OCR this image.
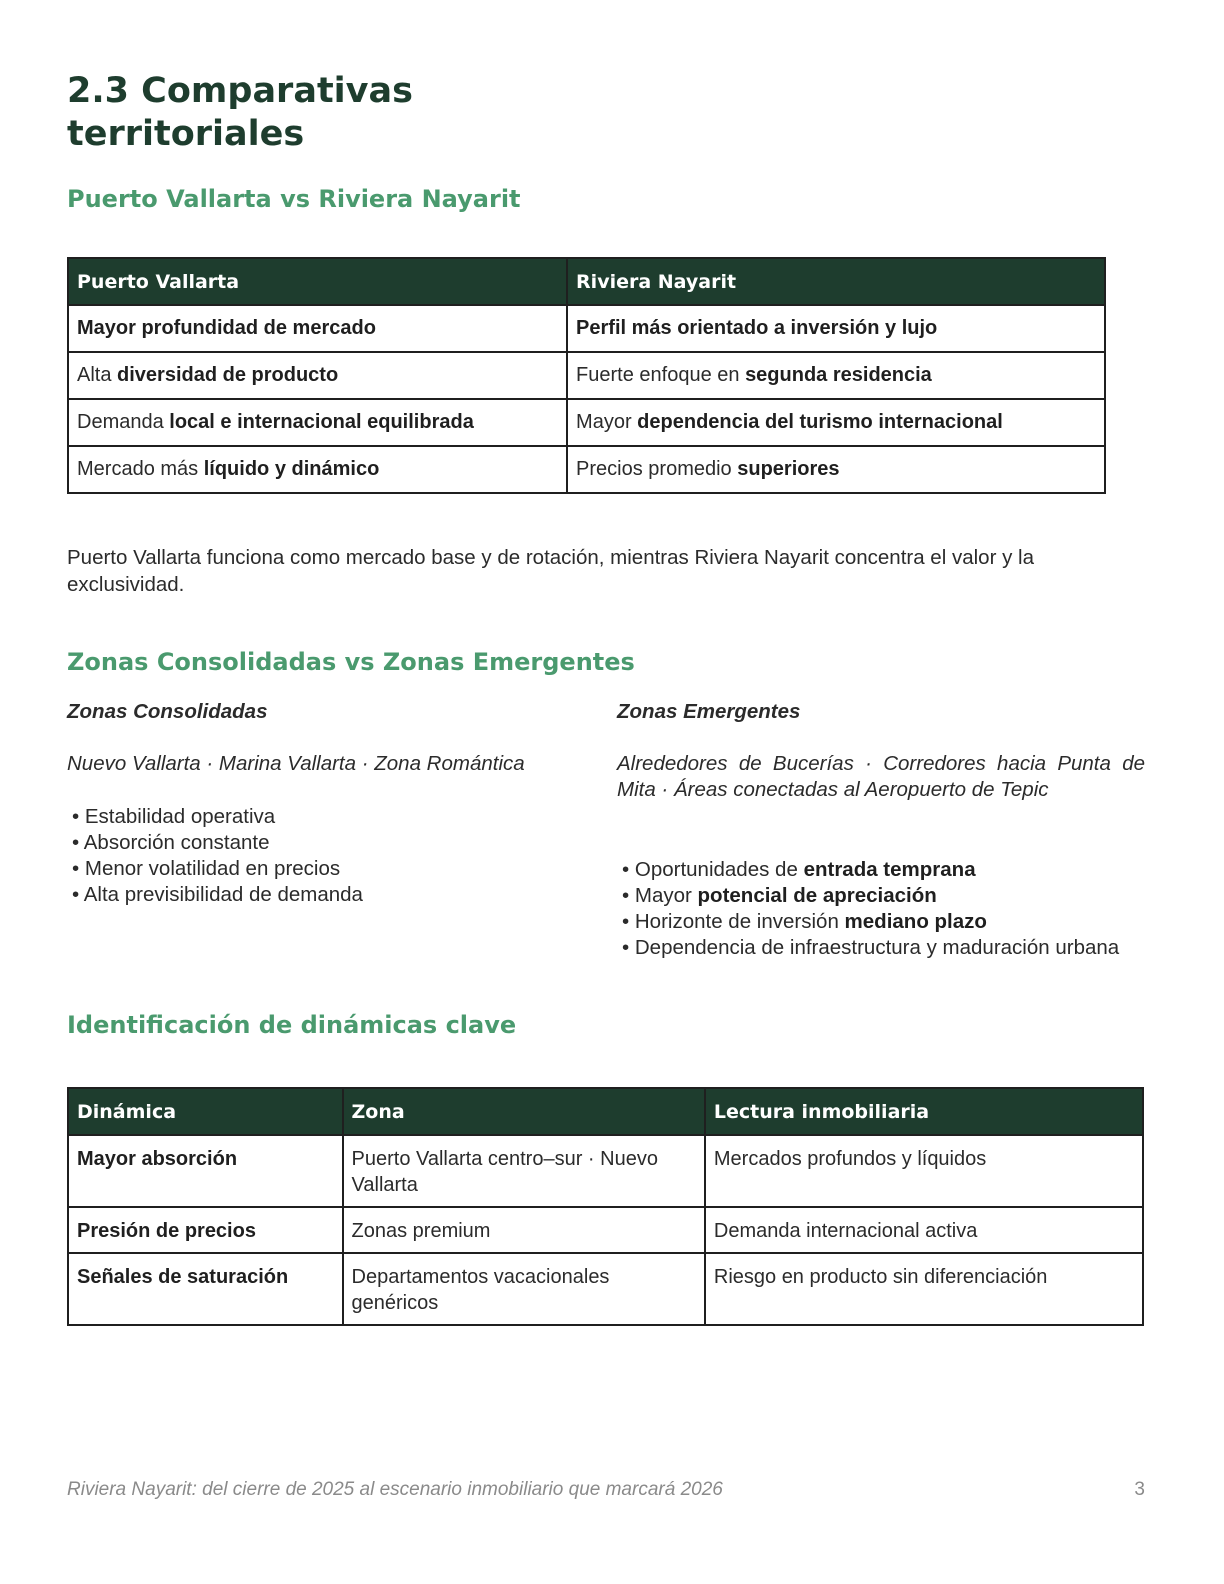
2.3 Comparativas territoriales
Puerto Vallarta vs Riviera Nayarit
Puerto Vallarta	Riviera Nayarit
Mayor profundidad de mercado	Perfil más orientado a inversión y lujo
Alta diversidad de producto	Fuerte enfoque en segunda residencia
Demanda local e internacional equilibrada	Mayor dependencia del turismo internacional
Mercado más líquido y dinámico	Precios promedio superiores

Puerto Vallarta funciona como mercado base y de rotación, mientras Riviera Nayarit concentra el valor y la exclusividad.

Zonas Consolidadas vs Zonas Emergentes
Zonas Consolidadas
Nuevo Vallarta · Marina Vallarta · Zona Romántica
• Estabilidad operativa
• Absorción constante
• Menor volatilidad en precios
• Alta previsibilidad de demanda
Zonas Emergentes
Alrededores de Bucerías · Corredores hacia Punta de Mita · Áreas conectadas al Aeropuerto de Tepic
• Oportunidades de entrada temprana
• Mayor potencial de apreciación
• Horizonte de inversión mediano plazo
• Dependencia de infraestructura y maduración urbana
Identificación de dinámicas clave
Dinámica	Zona	Lectura inmobiliaria
Mayor absorción	Puerto Vallarta centro–sur · Nuevo Vallarta	Mercados profundos y líquidos
Presión de precios	Zonas premium	Demanda internacional activa
Señales de saturación	Departamentos vacacionales genéricos	Riesgo en producto sin diferenciación
Riviera Nayarit: del cierre de 2025 al escenario inmobiliario que marcará 2026	3
